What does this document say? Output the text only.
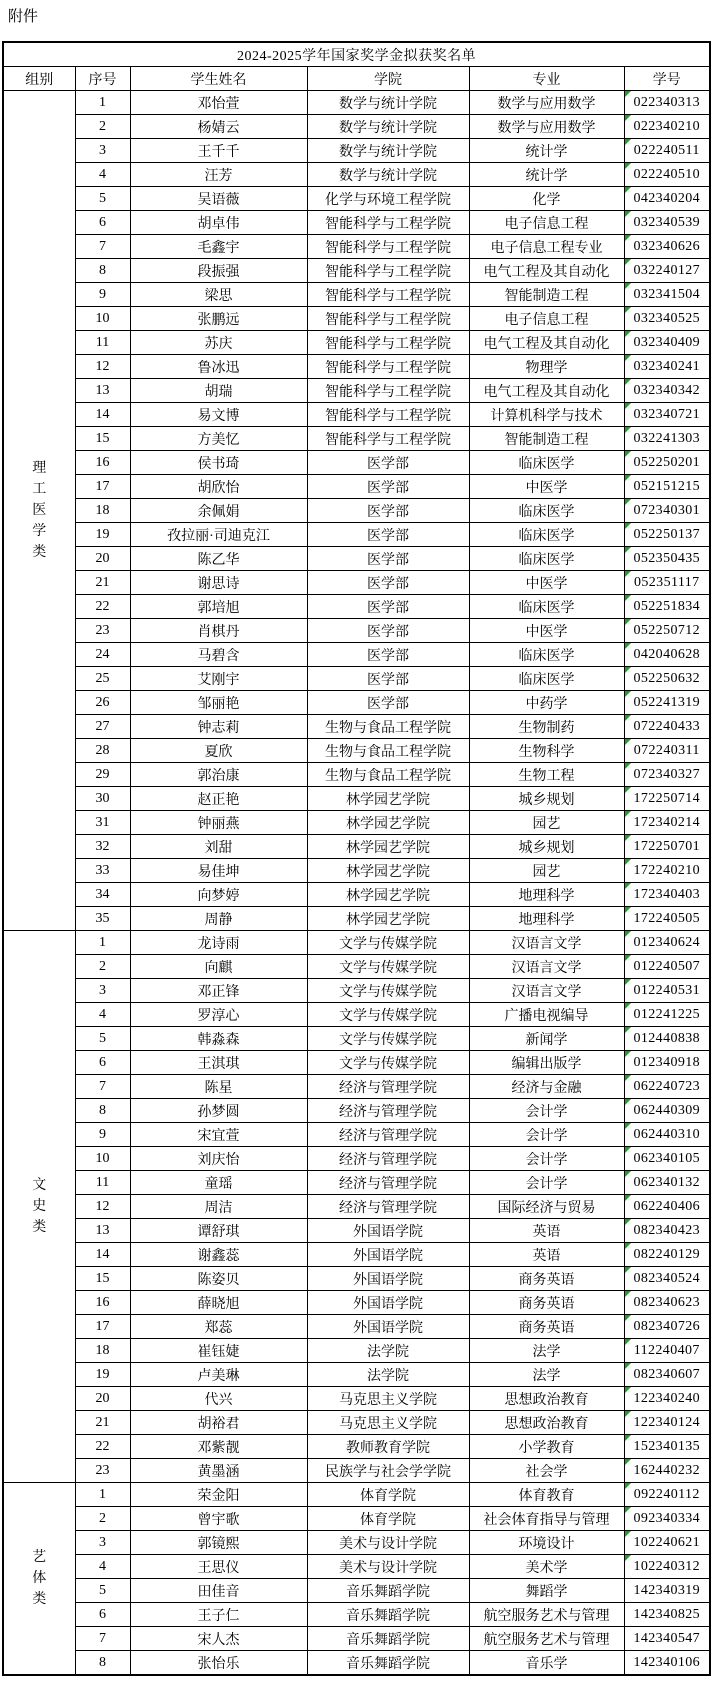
附件
2024-2025学年国家奖学金拟获奖名单					
组别	序号	学生姓名	学院	专业	学号

理
工
医
学
类	1	邓怡萱	数学与统计学院	数学与应用数学	022340313
	2	杨婧云	数学与统计学院	数学与应用数学	022340210
	3	王千千	数学与统计学院	统计学	022240511
	4	汪芳	数学与统计学院	统计学	022240510
	5	吴语薇	化学与环境工程学院	化学	042340204
	6	胡卓伟	智能科学与工程学院	电子信息工程	032340539
	7	毛鑫宇	智能科学与工程学院	电子信息工程专业	032340626
	8	段振强	智能科学与工程学院	电气工程及其自动化	032240127
	9	梁思	智能科学与工程学院	智能制造工程	032341504
	10	张鹏远	智能科学与工程学院	电子信息工程	032340525
	11	苏庆	智能科学与工程学院	电气工程及其自动化	032340409
	12	鲁冰迅	智能科学与工程学院	物理学	032340241
	13	胡瑞	智能科学与工程学院	电气工程及其自动化	032340342
	14	易文博	智能科学与工程学院	计算机科学与技术	032340721
	15	方美忆	智能科学与工程学院	智能制造工程	032241303
	16	侯书琦	医学部	临床医学	052250201
	17	胡欣怡	医学部	中医学	052151215
	18	余佩娟	医学部	临床医学	072340301
	19	孜拉丽·司迪克江	医学部	临床医学	052250137
	20	陈乙华	医学部	临床医学	052350435
	21	谢思诗	医学部	中医学	052351117
	22	郭培旭	医学部	临床医学	052251834
	23	肖棋丹	医学部	中医学	052250712
	24	马碧含	医学部	临床医学	042040628
	25	艾刚宇	医学部	临床医学	052250632
	26	邹丽艳	医学部	中药学	052241319
	27	钟志莉	生物与食品工程学院	生物制药	072240433
	28	夏欣	生物与食品工程学院	生物科学	072240311
	29	郭治康	生物与食品工程学院	生物工程	072340327
	30	赵正艳	林学园艺学院	城乡规划	172250714
	31	钟丽燕	林学园艺学院	园艺	172340214
	32	刘甜	林学园艺学院	城乡规划	172250701
	33	易佳坤	林学园艺学院	园艺	172240210
	34	向梦婷	林学园艺学院	地理科学	172340403
	35	周静	林学园艺学院	地理科学	172240505

文
史
类	1	龙诗雨	文学与传媒学院	汉语言文学	012340624
	2	向麒	文学与传媒学院	汉语言文学	012240507
	3	邓正锋	文学与传媒学院	汉语言文学	012240531
	4	罗淳心	文学与传媒学院	广播电视编导	012241225
	5	韩淼森	文学与传媒学院	新闻学	012440838
	6	王淇琪	文学与传媒学院	编辑出版学	012340918
	7	陈星	经济与管理学院	经济与金融	062240723
	8	孙梦圆	经济与管理学院	会计学	062440309
	9	宋宜萱	经济与管理学院	会计学	062440310
	10	刘庆怡	经济与管理学院	会计学	062340105
	11	童瑶	经济与管理学院	会计学	062340132
	12	周洁	经济与管理学院	国际经济与贸易	062240406
	13	谭舒琪	外国语学院	英语	082340423
	14	谢鑫蕊	外国语学院	英语	082240129
	15	陈姿贝	外国语学院	商务英语	082340524
	16	薛晓旭	外国语学院	商务英语	082340623
	17	郑蕊	外国语学院	商务英语	082340726
	18	崔钰婕	法学院	法学	112240407
	19	卢美琳	法学院	法学	082340607
	20	代兴	马克思主义学院	思想政治教育	122340240
	21	胡裕君	马克思主义学院	思想政治教育	122340124
	22	邓紫靓	教师教育学院	小学教育	152340135
	23	黄墨涵	民族学与社会学学院	社会学	162440232

艺
体
类	1	荣金阳	体育学院	体育教育	092240112
	2	曾宇歌	体育学院	社会体育指导与管理	092340334
	3	郭镜熙	美术与设计学院	环境设计	102240621
	4	王思仪	美术与设计学院	美术学	102240312
	5	田佳音	音乐舞蹈学院	舞蹈学	142340319
	6	王子仁	音乐舞蹈学院	航空服务艺术与管理	142340825
	7	宋人杰	音乐舞蹈学院	航空服务艺术与管理	142340547
	8	张怡乐	音乐舞蹈学院	音乐学	142340106
